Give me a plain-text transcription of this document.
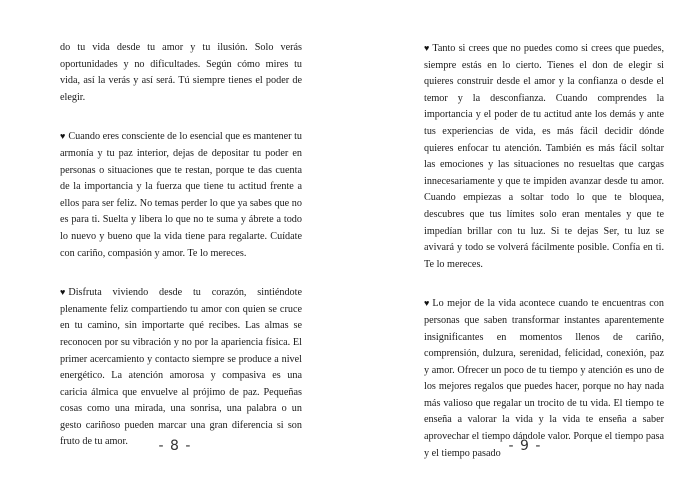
do tu vida desde tu amor y tu ilusión. Solo verás oportunidades y no dificultades. Según cómo mires tu vida, así la verás y así será. Tú siempre tienes el poder de elegir.

♥ Cuando eres consciente de lo esencial que es mantener tu armonía y tu paz interior, dejas de depositar tu poder en personas o situaciones que te restan, porque te das cuenta de la importancia y la fuerza que tiene tu actitud frente a ellos para ser feliz. No temas perder lo que ya sabes que no es para ti. Suelta y libera lo que no te suma y ábrete a todo lo nuevo y bueno que la vida tiene para regalarte. Cuídate con cariño, compasión y amor. Te lo mereces.

♥ Disfruta viviendo desde tu corazón, sintiéndote plenamente feliz compartiendo tu amor con quien se cruce en tu camino, sin importarte qué recibes. Las almas se reconocen por su vibración y no por la apariencia física. El primer acercamiento y contacto siempre se produce a nivel energético. La atención amorosa y compasiva es una caricia álmica que envuelve al prójimo de paz. Pequeñas cosas como una mirada, una sonrisa, una palabra o un gesto cariñoso pueden marcar una gran diferencia si son fruto de tu amor.	- 8 -

♥ Tanto si crees que no puedes como si crees que puedes, siempre estás en lo cierto. Tienes el don de elegir si quieres construir desde el amor y la confianza o desde el temor y la desconfianza. Cuando comprendes la importancia y el poder de tu actitud ante los demás y ante tus experiencias de vida, es más fácil decidir dónde quieres enfocar tu atención. También es más fácil soltar las emociones y las situaciones no resueltas que cargas innecesariamente y que te impiden avanzar desde tu amor. Cuando empiezas a soltar todo lo que te bloquea, descubres que tus límites solo eran mentales y que te impedían brillar con tu luz. Si te dejas Ser, tu luz se avivará y todo se volverá fácilmente posible. Confía en ti. Te lo mereces.

♥ Lo mejor de la vida acontece cuando te encuentras con personas que saben transformar instantes aparentemente insignificantes en momentos llenos de cariño, comprensión, dulzura, serenidad, felicidad, conexión, paz y amor. Ofrecer un poco de tu tiempo y atención es uno de los mejores regalos que puedes hacer, porque no hay nada más valioso que regalar un trocito de tu vida. El tiempo te enseña a valorar la vida y la vida te enseña a saber aprovechar el tiempo dándole valor. Porque el tiempo pasa y el tiempo pasado - 9 -
